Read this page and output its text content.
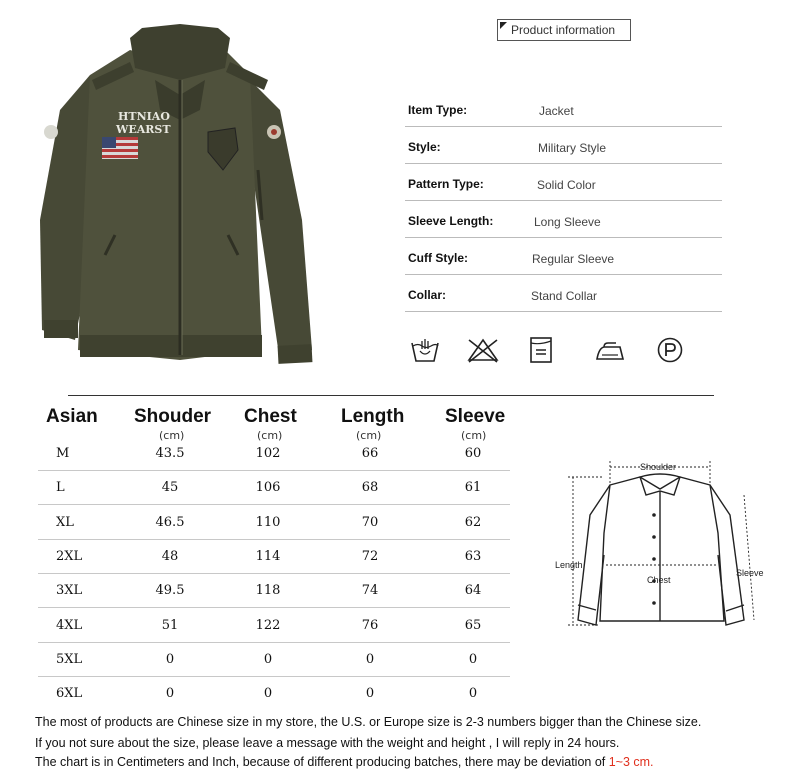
HTNIAO
WEARST
Product information
Item Type:	Jacket
Style:	Military Style
Pattern Type:	Solid Color
Sleeve Length:	Long Sleeve
Cuff Style:	Regular Sleeve
Collar:	Stand Collar
Asian Shouder Chest Length Sleeve
(cm)	(cm)	(cm)	(cm)
M	43.5	102	66	60
L	45	106	68	61
XL	46.5	110	70	62
2XL	48	114	72	63
3XL	49.5	118	74	64
4XL	51	122	76	65
5XL	0	0	0	0
6XL	0	0	0	0
Shoulder
Chest
Length
Sleeve
The most of products are Chinese size in my store, the U.S. or Europe size is 2-3 numbers bigger than the Chinese size.
If you not sure about the size, please leave a message with the weight and height , I will reply in 24 hours.
The chart is in Centimeters and Inch, because of different producing batches, there may be deviation of 1~3 cm.
